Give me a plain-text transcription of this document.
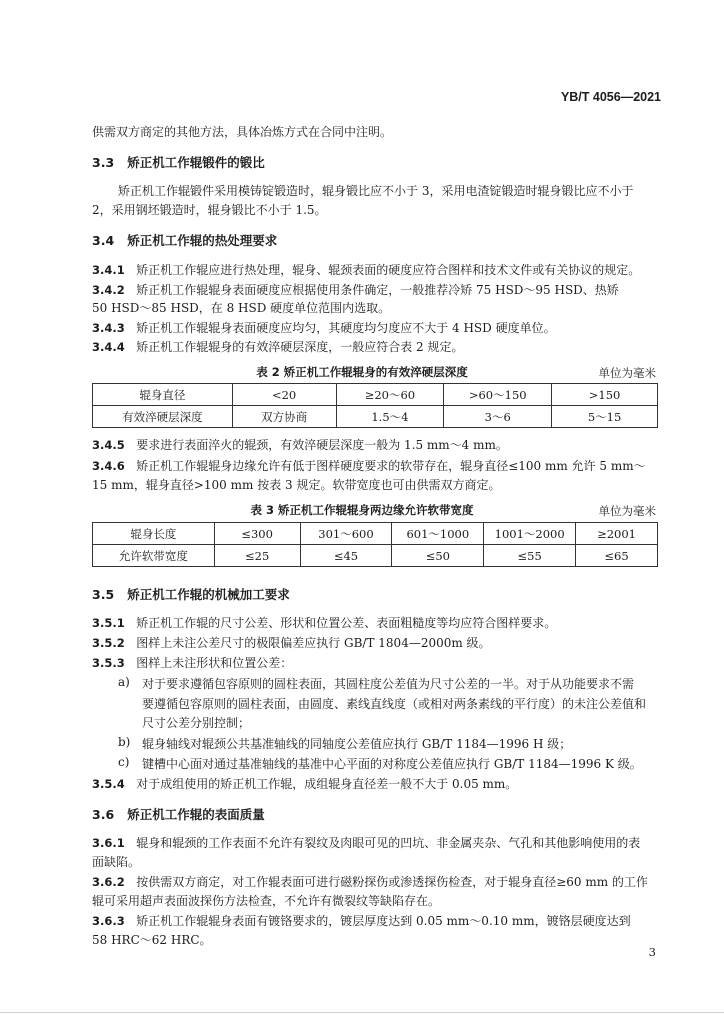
YB/T 4056—2021
供需双方商定的其他方法，具体冶炼方式在合同中注明。
3.3 矫正机工作辊锻件的锻比
矫正机工作辊锻件采用模铸锭锻造时，辊身锻比应不小于 3，采用电渣锭锻造时辊身锻比应不小于
2，采用钢坯锻造时，辊身锻比不小于 1.5。
3.4 矫正机工作辊的热处理要求
3.4.1 矫正机工作辊应进行热处理，辊身、辊颈表面的硬度应符合图样和技术文件或有关协议的规定。
3.4.2 矫正机工作辊辊身表面硬度应根据使用条件确定，一般推荐冷矫 75 HSD～95 HSD、热矫
50 HSD～85 HSD，在 8 HSD 硬度单位范围内选取。
3.4.3 矫正机工作辊辊身表面硬度应均匀，其硬度均匀度应不大于 4 HSD 硬度单位。
3.4.4 矫正机工作辊辊身的有效淬硬层深度，一般应符合表 2 规定。
表 2 矫正机工作辊辊身的有效淬硬层深度	单位为毫米
辊身直径	<20	≥20～60	>60～150	>150
有效淬硬层深度	双方协商	1.5～4	3～6	5～15
3.4.5 要求进行表面淬火的辊颈，有效淬硬层深度一般为 1.5 mm～4 mm。
3.4.6 矫正机工作辊辊身边缘允许有低于图样硬度要求的软带存在，辊身直径≤100 mm 允许 5 mm～
15 mm，辊身直径>100 mm 按表 3 规定。软带宽度也可由供需双方商定。
表 3 矫正机工作辊辊身两边缘允许软带宽度	单位为毫米
辊身长度	≤300	301～600	601～1000	1001～2000	≥2001
允许软带宽度	≤25	≤45	≤50	≤55	≤65
3.5 矫正机工作辊的机械加工要求
3.5.1 矫正机工作辊的尺寸公差、形状和位置公差、表面粗糙度等均应符合图样要求。
3.5.2 图样上未注公差尺寸的极限偏差应执行 GB/T 1804—2000m 级。
3.5.3 图样上未注形状和位置公差：
a) 对于要求遵循包容原则的圆柱表面，其圆柱度公差值为尺寸公差的一半。对于从功能要求不需
要遵循包容原则的圆柱表面，由圆度、素线直线度（或相对两条素线的平行度）的未注公差值和
尺寸公差分别控制；
b) 辊身轴线对辊颈公共基准轴线的同轴度公差值应执行 GB/T 1184—1996 H 级；
c) 键槽中心面对通过基准轴线的基准中心平面的对称度公差值应执行 GB/T 1184—1996 K 级。
3.5.4 对于成组使用的矫正机工作辊，成组辊身直径差一般不大于 0.05 mm。
3.6 矫正机工作辊的表面质量
3.6.1 辊身和辊颈的工作表面不允许有裂纹及肉眼可见的凹坑、非金属夹杂、气孔和其他影响使用的表
面缺陷。
3.6.2 按供需双方商定，对工作辊表面可进行磁粉探伤或渗透探伤检查，对于辊身直径≥60 mm 的工作
辊可采用超声表面波探伤方法检查，不允许有微裂纹等缺陷存在。
3.6.3 矫正机工作辊辊身表面有镀铬要求的，镀层厚度达到 0.05 mm～0.10 mm，镀铬层硬度达到
58 HRC～62 HRC。
3
